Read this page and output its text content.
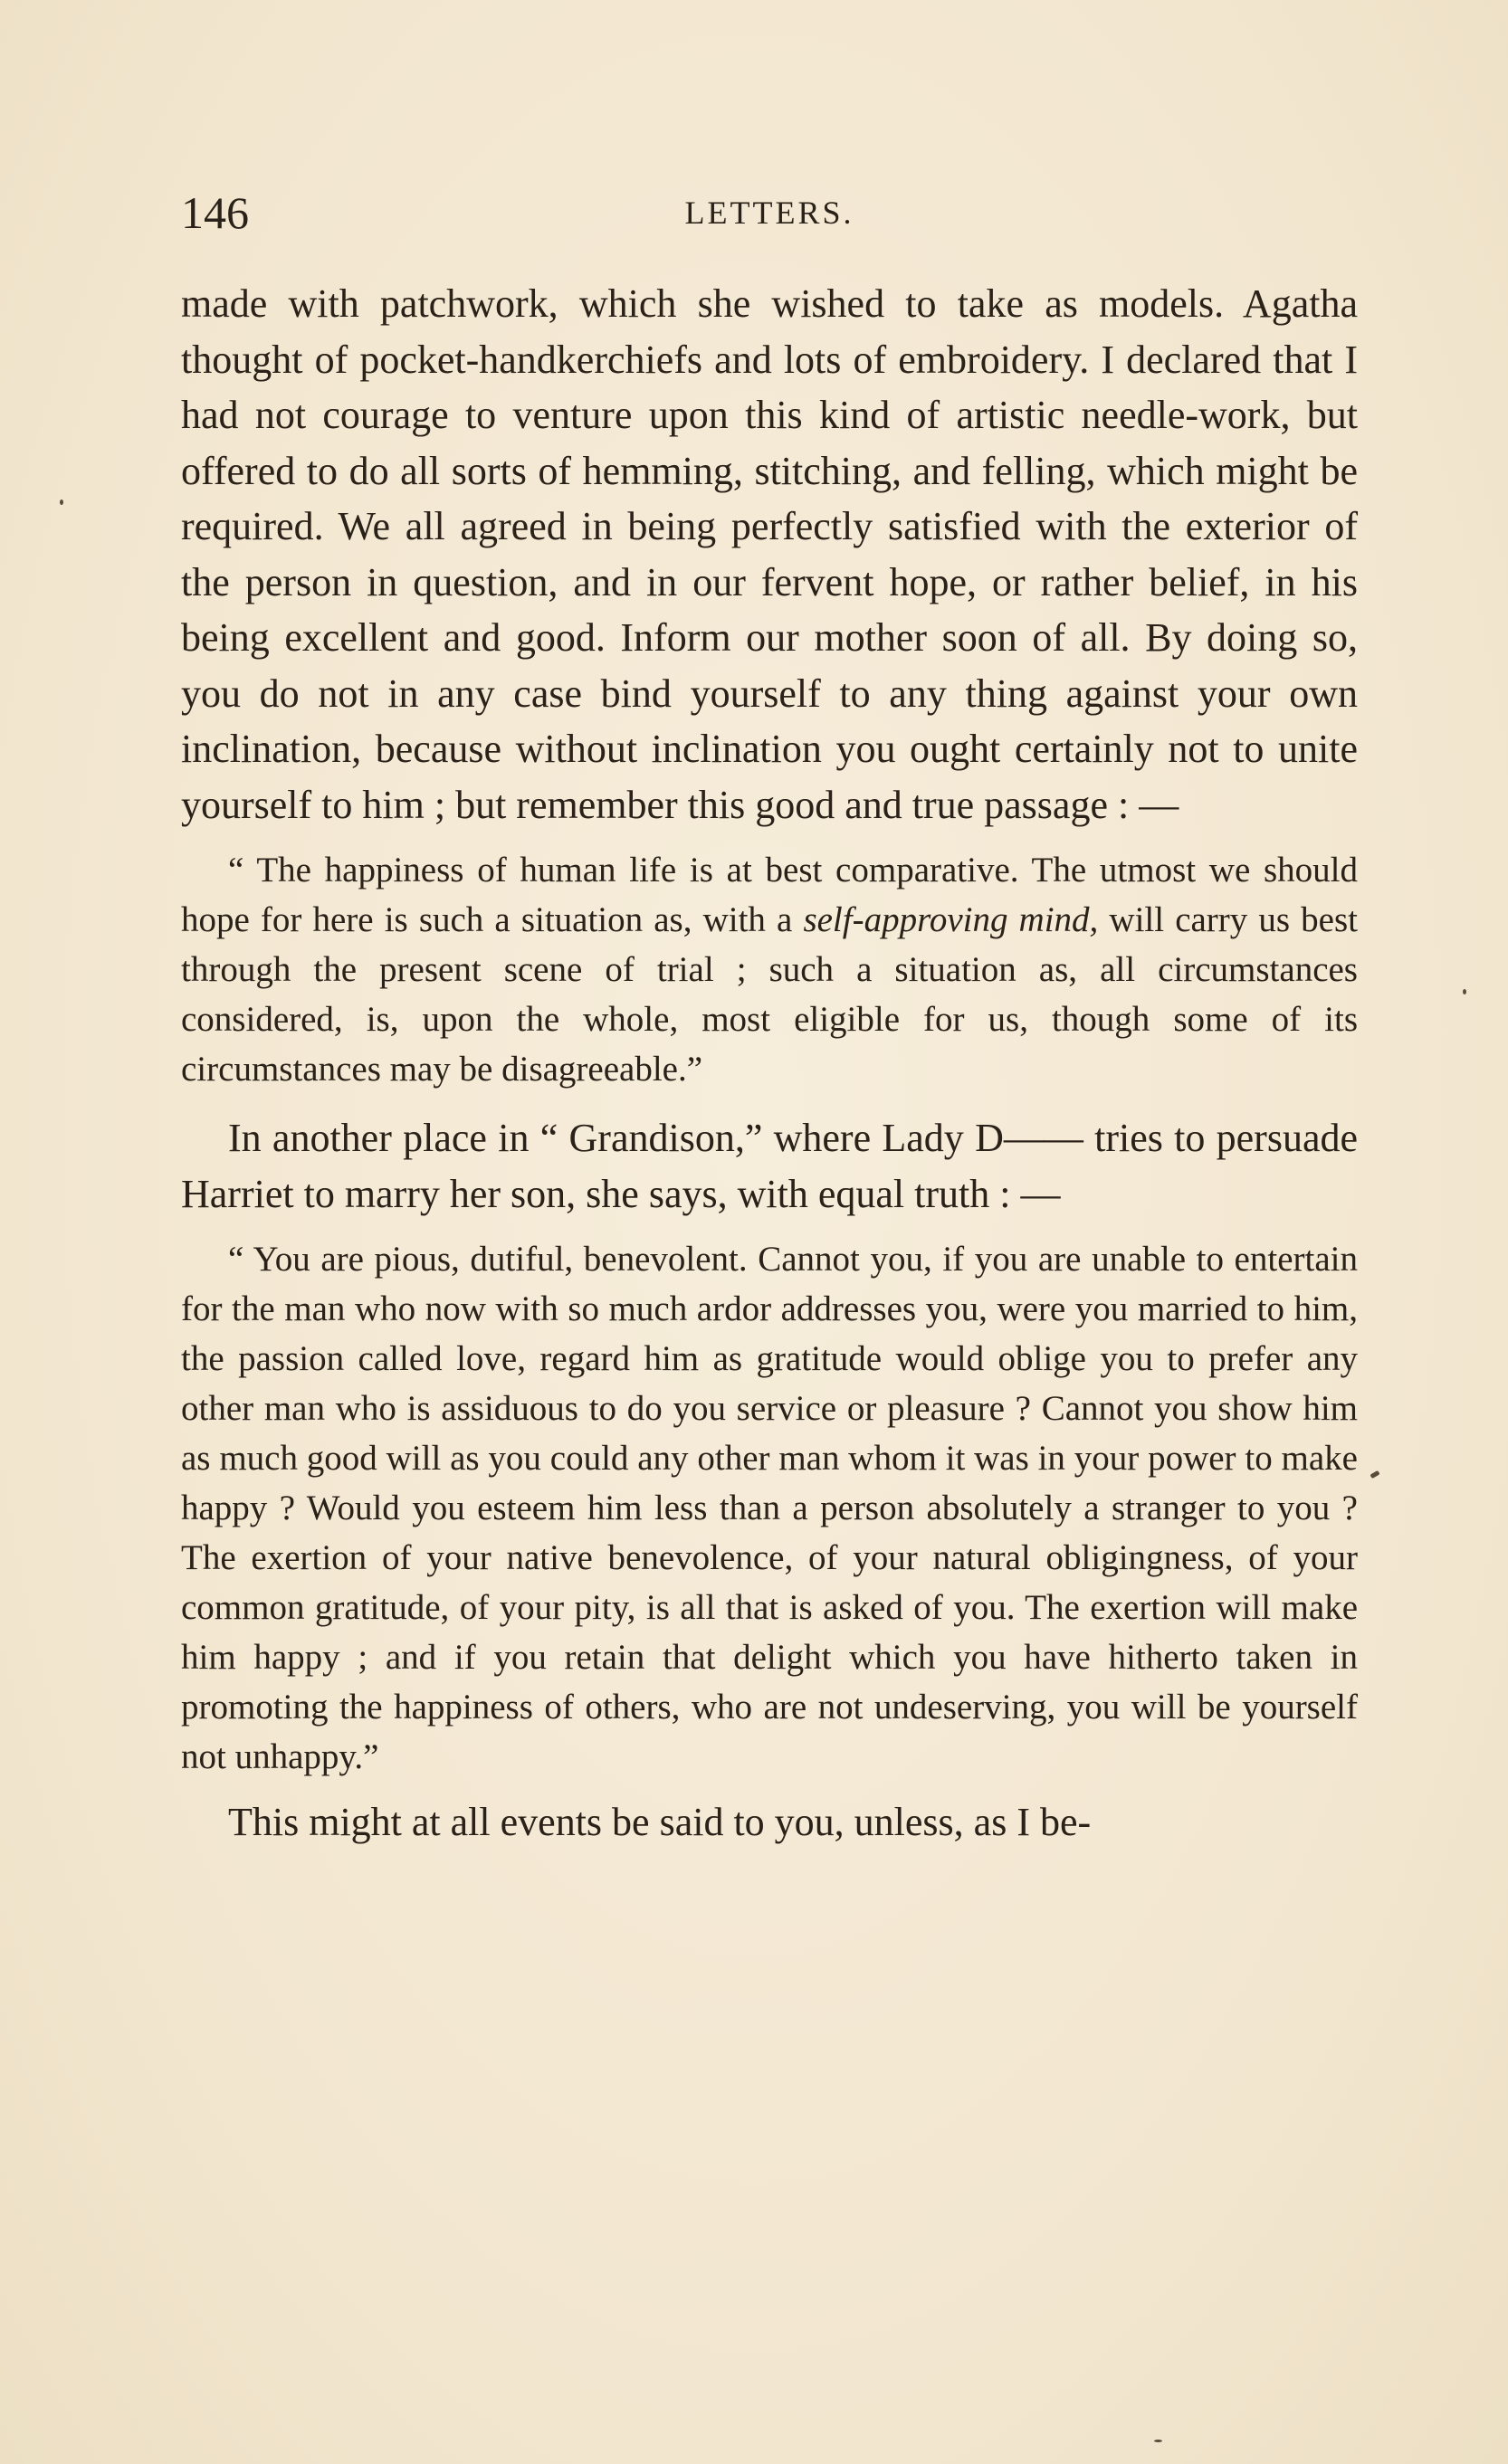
146	LETTERS.

made with patchwork, which she wished to take as models. Agatha thought of pocket-handkerchiefs and lots of embroidery. I declared that I had not courage to venture upon this kind of artistic needle-work, but offered to do all sorts of hemming, stitching, and felling, which might be required. We all agreed in being perfectly satisfied with the exterior of the person in question, and in our fervent hope, or rather belief, in his being excellent and good. Inform our mother soon of all. By doing so, you do not in any case bind yourself to any thing against your own inclination, because without inclination you ought certainly not to unite yourself to him ; but remember this good and true passage : —

“ The happiness of human life is at best comparative. The utmost we should hope for here is such a situation as, with a self-approving mind, will carry us best through the present scene of trial ; such a situation as, all circumstances considered, is, upon the whole, most eligible for us, though some of its circumstances may be disagreeable.”

In another place in “ Grandison,” where Lady D—— tries to persuade Harriet to marry her son, she says, with equal truth : —

“ You are pious, dutiful, benevolent. Cannot you, if you are unable to entertain for the man who now with so much ardor addresses you, were you married to him, the passion called love, regard him as gratitude would oblige you to prefer any other man who is assiduous to do you service or pleasure ? Cannot you show him as much good will as you could any other man whom it was in your power to make happy ? Would you esteem him less than a person absolutely a stranger to you ? The exertion of your native benevolence, of your natural obligingness, of your common gratitude, of your pity, is all that is asked of you. The exertion will make him happy ; and if you retain that delight which you have hitherto taken in promoting the happiness of others, who are not undeserving, you will be yourself not unhappy.”

This might at all events be said to you, unless, as I be-
